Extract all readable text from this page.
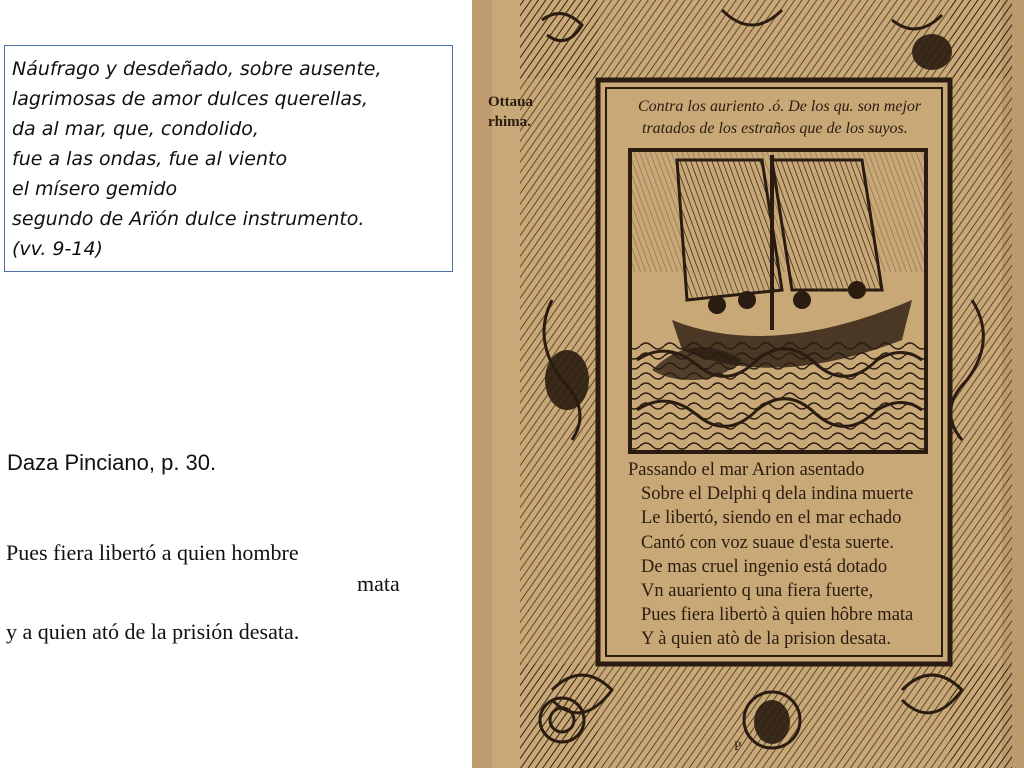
Náufrago y desdeñado, sobre ausente,
lagrimosas de amor dulces querellas,
da al mar, que, condolido,
fue a las ondas, fue al viento
el mísero gemido
segundo de Arïón dulce instrumento.
(vv. 9-14)
Daza Pinciano, p. 30.
Pues fiera libertó a quien hombre
mata
y a quien ató de la prisión desata.
Ottaua
rhima.
Contra los auriento .ó. De los qu. son mejor
tratados de los estraños que de los suyos.
Passando el mar Arion asentado
Sobre el Delphi q dela indina muerte
Le libertó, siendo en el mar echado
Cantó con voz suaue d'esta suerte.
De mas cruel ingenio está dotado
Vn auariento q una fiera fuerte,
Pues fiera libertò à quien hôbre mata
Y à quien atò de la prision desata.
P
